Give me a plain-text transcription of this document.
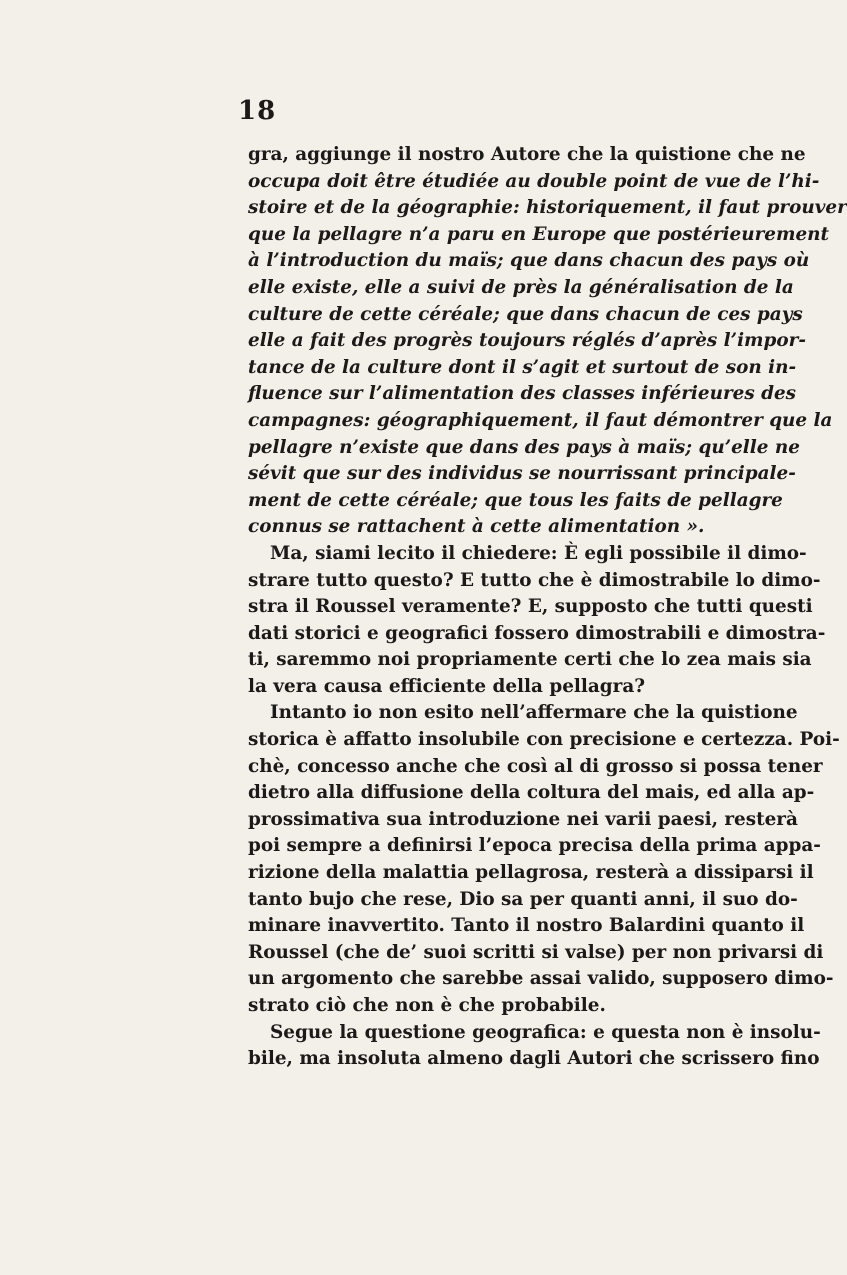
18
gra, aggiunge il nostro Autore che la quistione che ne
occupa doit être étudiée au double point de vue de l’hi-
stoire et de la géographie: historiquement, il faut prouver
que la pellagre n’a paru en Europe que postérieurement
à l’introduction du maïs; que dans chacun des pays où
elle existe, elle a suivi de près la généralisation de la
culture de cette céréale; que dans chacun de ces pays
elle a fait des progrès toujours réglés d’après l’impor-
tance de la culture dont il s’agit et surtout de son in-
fluence sur l’alimentation des classes inférieures des
campagnes: géographiquement, il faut démontrer que la
pellagre n’existe que dans des pays à maïs; qu’elle ne
sévit que sur des individus se nourrissant principale-
ment de cette céréale; que tous les faits de pellagre
connus se rattachent à cette alimentation ».
Ma, siami lecito il chiedere: È egli possibile il dimo-
strare tutto questo? E tutto che è dimostrabile lo dimo-
stra il Roussel veramente? E, supposto che tutti questi
dati storici e geografici fossero dimostrabili e dimostra-
ti, saremmo noi propriamente certi che lo zea mais sia
la vera causa efficiente della pellagra?
Intanto io non esito nell’affermare che la quistione
storica è affatto insolubile con precisione e certezza. Poi-
chè, concesso anche che così al di grosso si possa tener
dietro alla diffusione della coltura del mais, ed alla ap-
prossimativa sua introduzione nei varii paesi, resterà
poi sempre a definirsi l’epoca precisa della prima appa-
rizione della malattia pellagrosa, resterà a dissiparsi il
tanto bujo che rese, Dio sa per quanti anni, il suo do-
minare inavvertito. Tanto il nostro Balardini quanto il
Roussel (che de’ suoi scritti si valse) per non privarsi di
un argomento che sarebbe assai valido, supposero dimo-
strato ciò che non è che probabile.
Segue la questione geografica: e questa non è insolu-
bile, ma insoluta almeno dagli Autori che scrissero fino
